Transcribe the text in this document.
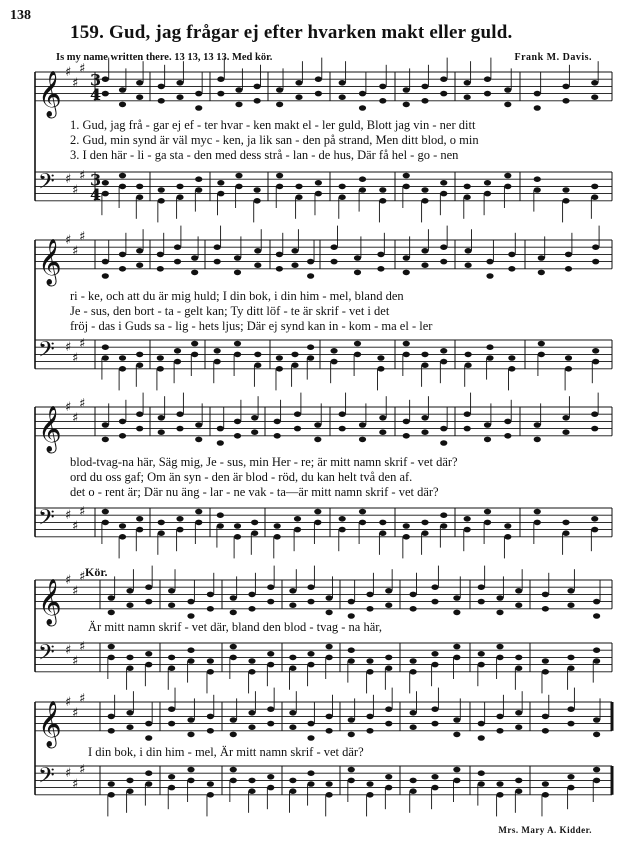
138
159. Gud, jag frågar ej efter hvarken makt eller guld.
Is my name written there. 13 13, 13 13. Med kör.	Frank M. Davis.
𝄞 ♯
♯
♯
3
4
𝄢 ♯
♯
♯ 3
4
𝄞 ♯
♯
♯
𝄢 ♯
♯
♯
𝄞 ♯
♯
♯
𝄢 ♯
♯
♯
𝄞 ♯
♯
♯
𝄢 ♯
♯
♯
𝄞 ♯
♯
♯
𝄢 ♯
♯
♯
1. Gud, jag frå - gar ej ef - ter hvar - ken makt el - ler guld, Blott jag vin - ner ditt
2. Gud, min synd är väl myc - ken, ja lik san - den på strand, Men ditt blod, o min
3. I den här - li - ga sta - den med dess strå - lan - de hus, Där få hel - go - nen
ri - ke, och att du är mig huld; I din bok, i din him - mel, bland den
Je - sus, den bort - ta - gelt kan; Ty ditt löf - te är skrif - vet i det
fröj - das i Guds sa - lig - hets ljus; Där ej synd kan in - kom - ma el - ler
blod-tvag-na här, Säg mig, Je - sus, min Her - re; är mitt namn skrif - vet där?
ord du oss gaf; Om än syn - den är blod - röd, du kan helt två den af.
det o - rent är; Där nu äng - lar - ne vak - ta—är mitt namn skrif - vet där?
Kör.
Är mitt namn skrif - vet där, bland den blod - tvag - na här,
I din bok, i din him - mel, Är mitt namn skrif - vet där?
Mrs. Mary A. Kidder.
